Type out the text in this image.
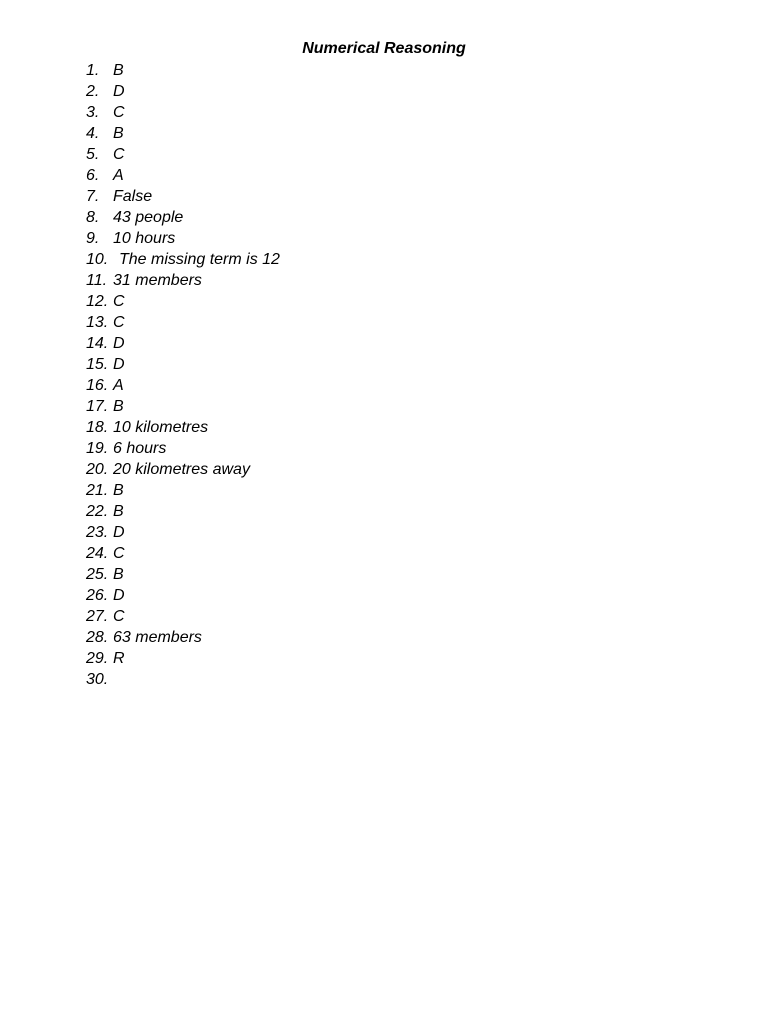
Numerical Reasoning
1. B
2. D
3. C
4. B
5. C
6. A
7. False
8. 43 people
9. 10 hours
10. The missing term is 12
11. 31 members
12. C
13. C
14. D
15. D
16. A
17. B
18. 10 kilometres
19. 6 hours
20. 20 kilometres away
21. B
22. B
23. D
24. C
25. B
26. D
27. C
28. 63 members
29. R
30.
